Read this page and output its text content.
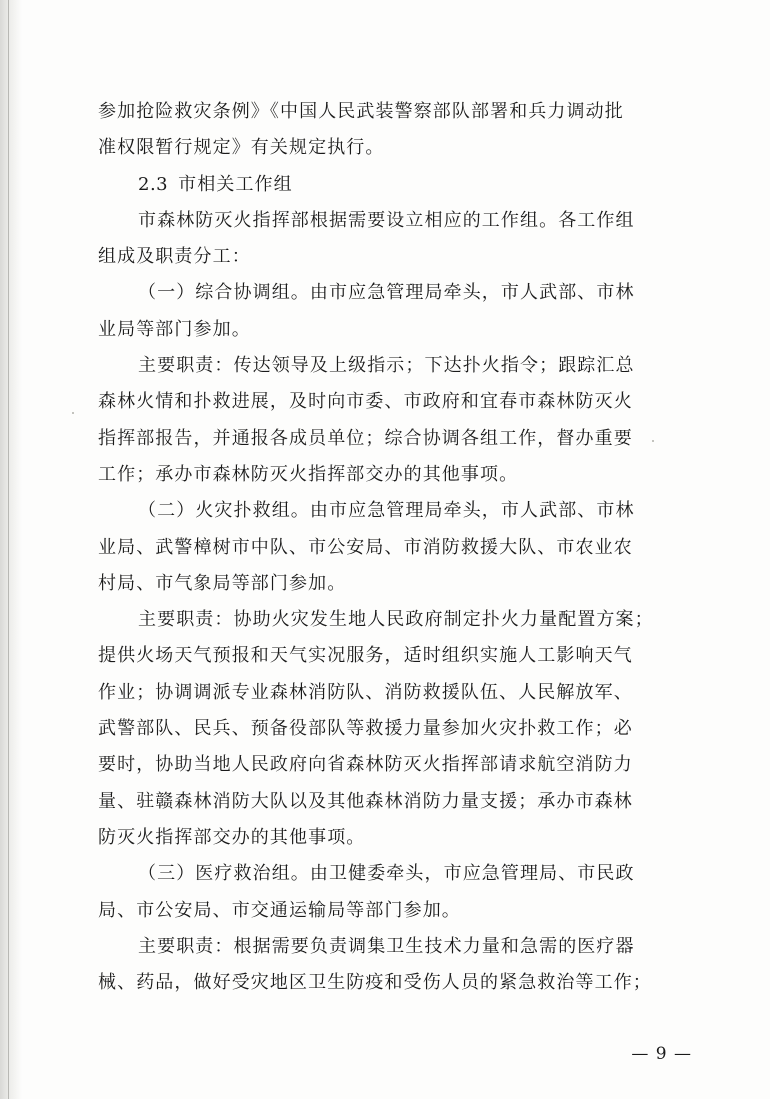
参加抢险救灾条例》《中国人民武装警察部队部署和兵力调动批

准权限暂行规定》有关规定执行。

2.3 市相关工作组

市森林防灭火指挥部根据需要设立相应的工作组。各工作组

组成及职责分工：

（一）综合协调组。由市应急管理局牵头，市人武部、市林

业局等部门参加。

主要职责：传达领导及上级指示；下达扑火指令；跟踪汇总

森林火情和扑救进展，及时向市委、市政府和宜春市森林防灭火

指挥部报告，并通报各成员单位；综合协调各组工作，督办重要

工作；承办市森林防灭火指挥部交办的其他事项。

（二）火灾扑救组。由市应急管理局牵头，市人武部、市林

业局、武警樟树市中队、市公安局、市消防救援大队、市农业农

村局、市气象局等部门参加。

主要职责：协助火灾发生地人民政府制定扑火力量配置方案；

提供火场天气预报和天气实况服务，适时组织实施人工影响天气

作业；协调调派专业森林消防队、消防救援队伍、人民解放军、

武警部队、民兵、预备役部队等救援力量参加火灾扑救工作；必

要时，协助当地人民政府向省森林防灭火指挥部请求航空消防力

量、驻赣森林消防大队以及其他森林消防力量支援；承办市森林

防灭火指挥部交办的其他事项。

（三）医疗救治组。由卫健委牵头，市应急管理局、市民政

局、市公安局、市交通运输局等部门参加。

主要职责：根据需要负责调集卫生技术力量和急需的医疗器

械、药品，做好受灾地区卫生防疫和受伤人员的紧急救治等工作；

— 9 —
